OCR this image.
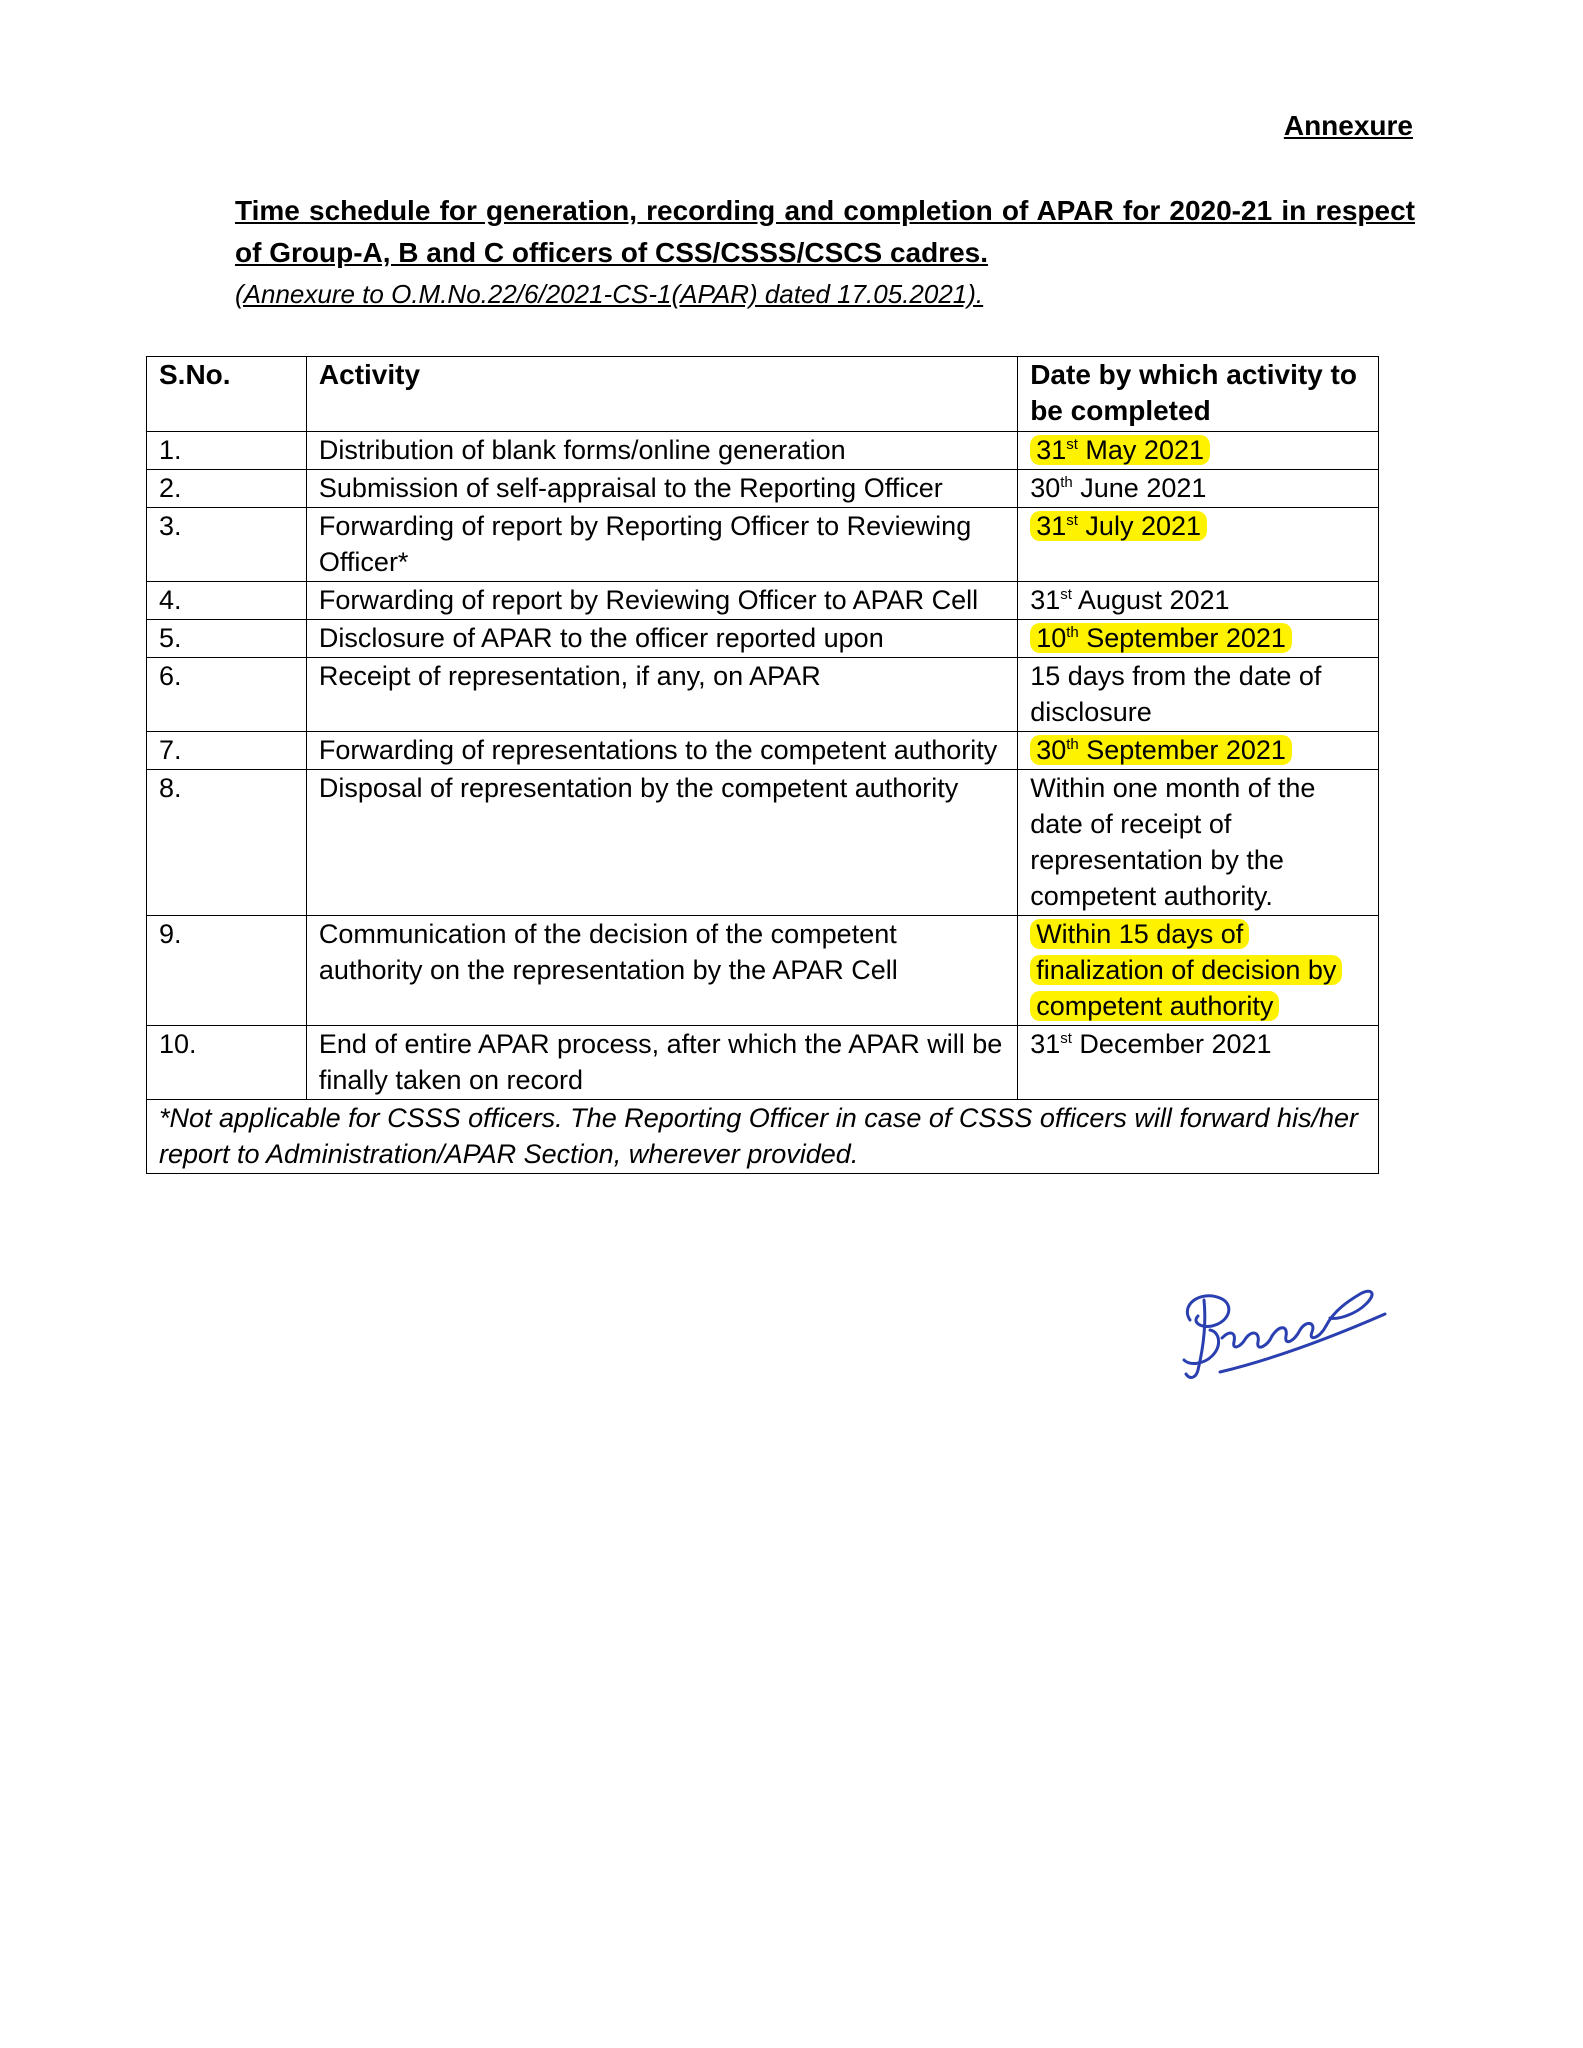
Annexure

Time schedule for generation, recording and completion of APAR for 2020-21 in respect of Group-A, B and C officers of CSS/CSSS/CSCS cadres.

(Annexure to O.M.No.22/6/2021-CS-1(APAR) dated 17.05.2021).

S.No.	Activity	Date by which activity to be completed
1.	Distribution of blank forms/online generation	31st May 2021
2.	Submission of self-appraisal to the Reporting Officer	30th June 2021
3.	Forwarding of report by Reporting Officer to Reviewing Officer*	31st July 2021
4.	Forwarding of report by Reviewing Officer to APAR Cell	31st August 2021
5.	Disclosure of APAR to the officer reported upon	10th September 2021
6.	Receipt of representation, if any, on APAR	15 days from the date of disclosure
7.	Forwarding of representations to the competent authority	30th September 2021
8.	Disposal of representation by the competent authority	Within one month of the date of receipt of representation by the competent authority.
9.	Communication of the decision of the competent authority on the representation by the APAR Cell	Within 15 days of finalization of decision by competent authority
10.	End of entire APAR process, after which the APAR will be finally taken on record	31st December 2021
*Not applicable for CSSS officers. The Reporting Officer in case of CSSS officers will forward his/her report to Administration/APAR Section, wherever provided.		
Bromod
